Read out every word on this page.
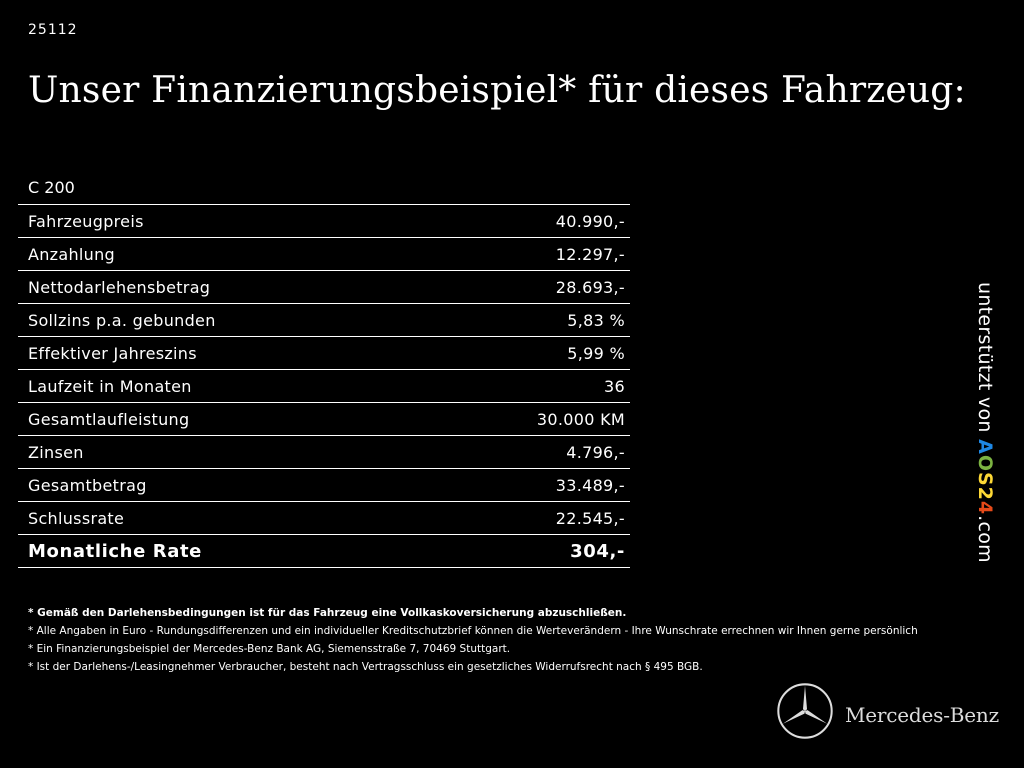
25112
Unser Finanzierungsbeispiel* für dieses Fahrzeug:
C 200
Fahrzeugpreis	40.990,-
Anzahlung	12.297,-
Nettodarlehensbetrag	28.693,-
Sollzins p.a. gebunden	5,83 %
Effektiver Jahreszins	5,99 %
Laufzeit in Monaten	36
Gesamtlaufleistung	30.000 KM
Zinsen	4.796,-
Gesamtbetrag	33.489,-
Schlussrate	22.545,-
Monatliche Rate	304,-
* Gemäß den Darlehensbedingungen ist für das Fahrzeug eine Vollkaskoversicherung abzuschließen.
* Alle Angaben in Euro - Rundungsdifferenzen und ein individueller Kreditschutzbrief können die Werteverändern - Ihre Wunschrate errechnen wir Ihnen gerne persönlich
* Ein Finanzierungsbeispiel der Mercedes-Benz Bank AG, Siemensstraße 7, 70469 Stuttgart.
* Ist der Darlehens-/Leasingnehmer Verbraucher, besteht nach Vertragsschluss ein gesetzliches Widerrufsrecht nach § 495 BGB.
unterstützt von AOS24.com
Mercedes-Benz
